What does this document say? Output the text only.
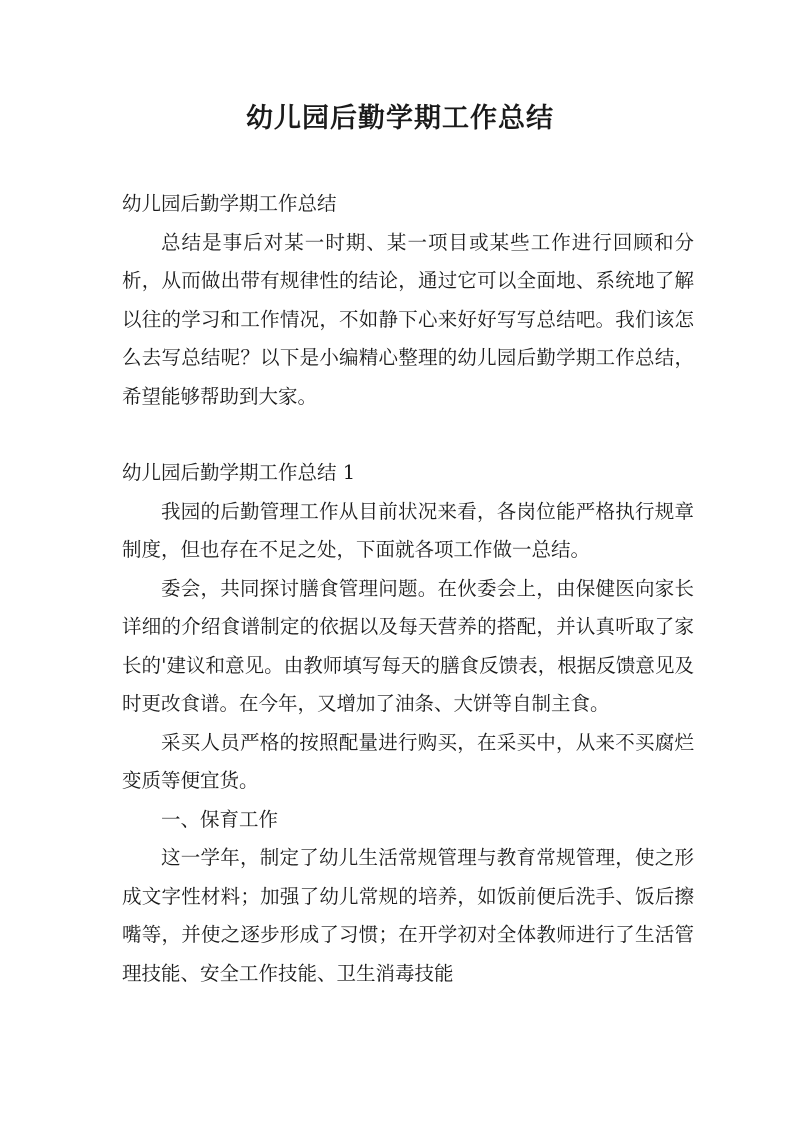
幼儿园后勤学期工作总结

幼儿园后勤学期工作总结

总结是事后对某一时期、某一项目或某些工作进行回顾和分析，从而做出带有规律性的结论，通过它可以全面地、系统地了解以往的学习和工作情况，不如静下心来好好写写总结吧。我们该怎么去写总结呢？以下是小编精心整理的幼儿园后勤学期工作总结，希望能够帮助到大家。

幼儿园后勤学期工作总结 1

我园的后勤管理工作从目前状况来看，各岗位能严格执行规章制度，但也存在不足之处，下面就各项工作做一总结。

委会，共同探讨膳食管理问题。在伙委会上，由保健医向家长详细的介绍食谱制定的依据以及每天营养的搭配，并认真听取了家长的'建议和意见。由教师填写每天的膳食反馈表，根据反馈意见及时更改食谱。在今年，又增加了油条、大饼等自制主食。

采买人员严格的按照配量进行购买，在采买中，从来不买腐烂变质等便宜货。

一、保育工作

这一学年，制定了幼儿生活常规管理与教育常规管理，使之形成文字性材料；加强了幼儿常规的培养，如饭前便后洗手、饭后擦嘴等，并使之逐步形成了习惯；在开学初对全体教师进行了生活管理技能、安全工作技能、卫生消毒技能
